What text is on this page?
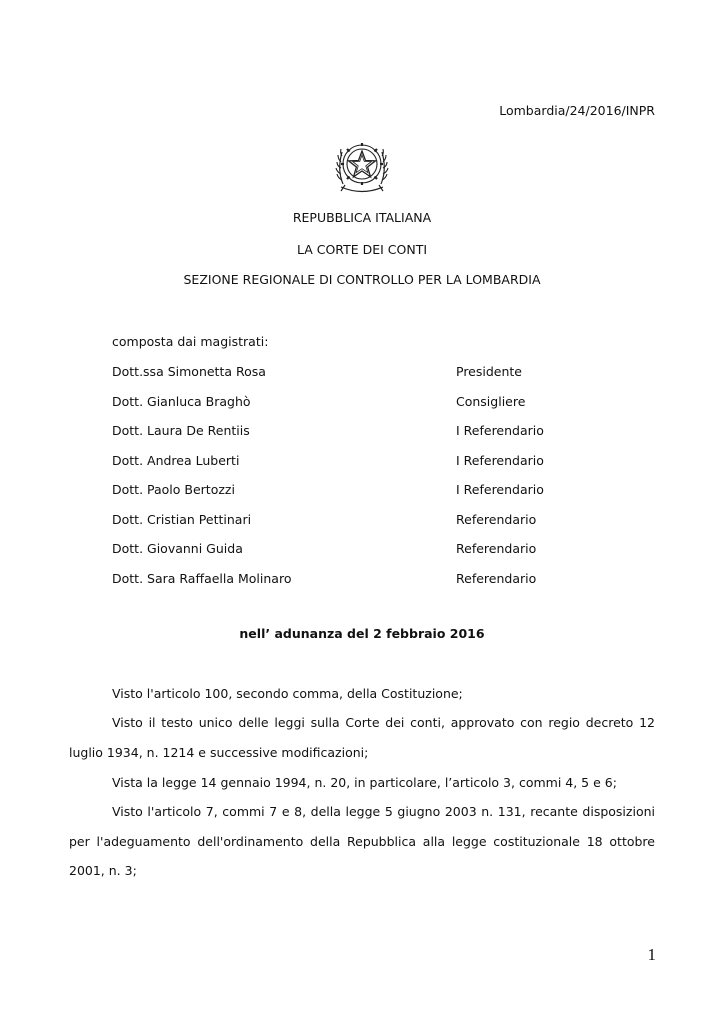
Lombardia/24/2016/INPR
REPUBBLICA ITALIANA
LA CORTE DEI CONTI
SEZIONE REGIONALE DI CONTROLLO PER LA LOMBARDIA
composta dai magistrati:
Dott.ssa Simonetta Rosa	Presidente
Dott. Gianluca Braghò	Consigliere
Dott. Laura De Rentiis	I Referendario
Dott. Andrea Luberti	I Referendario
Dott. Paolo Bertozzi	I Referendario
Dott. Cristian Pettinari	Referendario
Dott. Giovanni Guida	Referendario
Dott. Sara Raffaella Molinaro	Referendario
nell’ adunanza del 2 febbraio 2016
Visto l'articolo 100, secondo comma, della Costituzione;
Visto il testo unico delle leggi sulla Corte dei conti, approvato con regio decreto 12 luglio 1934, n. 1214 e successive modificazioni;
Vista la legge 14 gennaio 1994, n. 20, in particolare, l’articolo 3, commi 4, 5 e 6;
Visto l'articolo 7, commi 7 e 8, della legge 5 giugno 2003 n. 131, recante disposizioni per l'adeguamento dell'ordinamento della Repubblica alla legge costituzionale 18 ottobre 2001, n. 3;
1
